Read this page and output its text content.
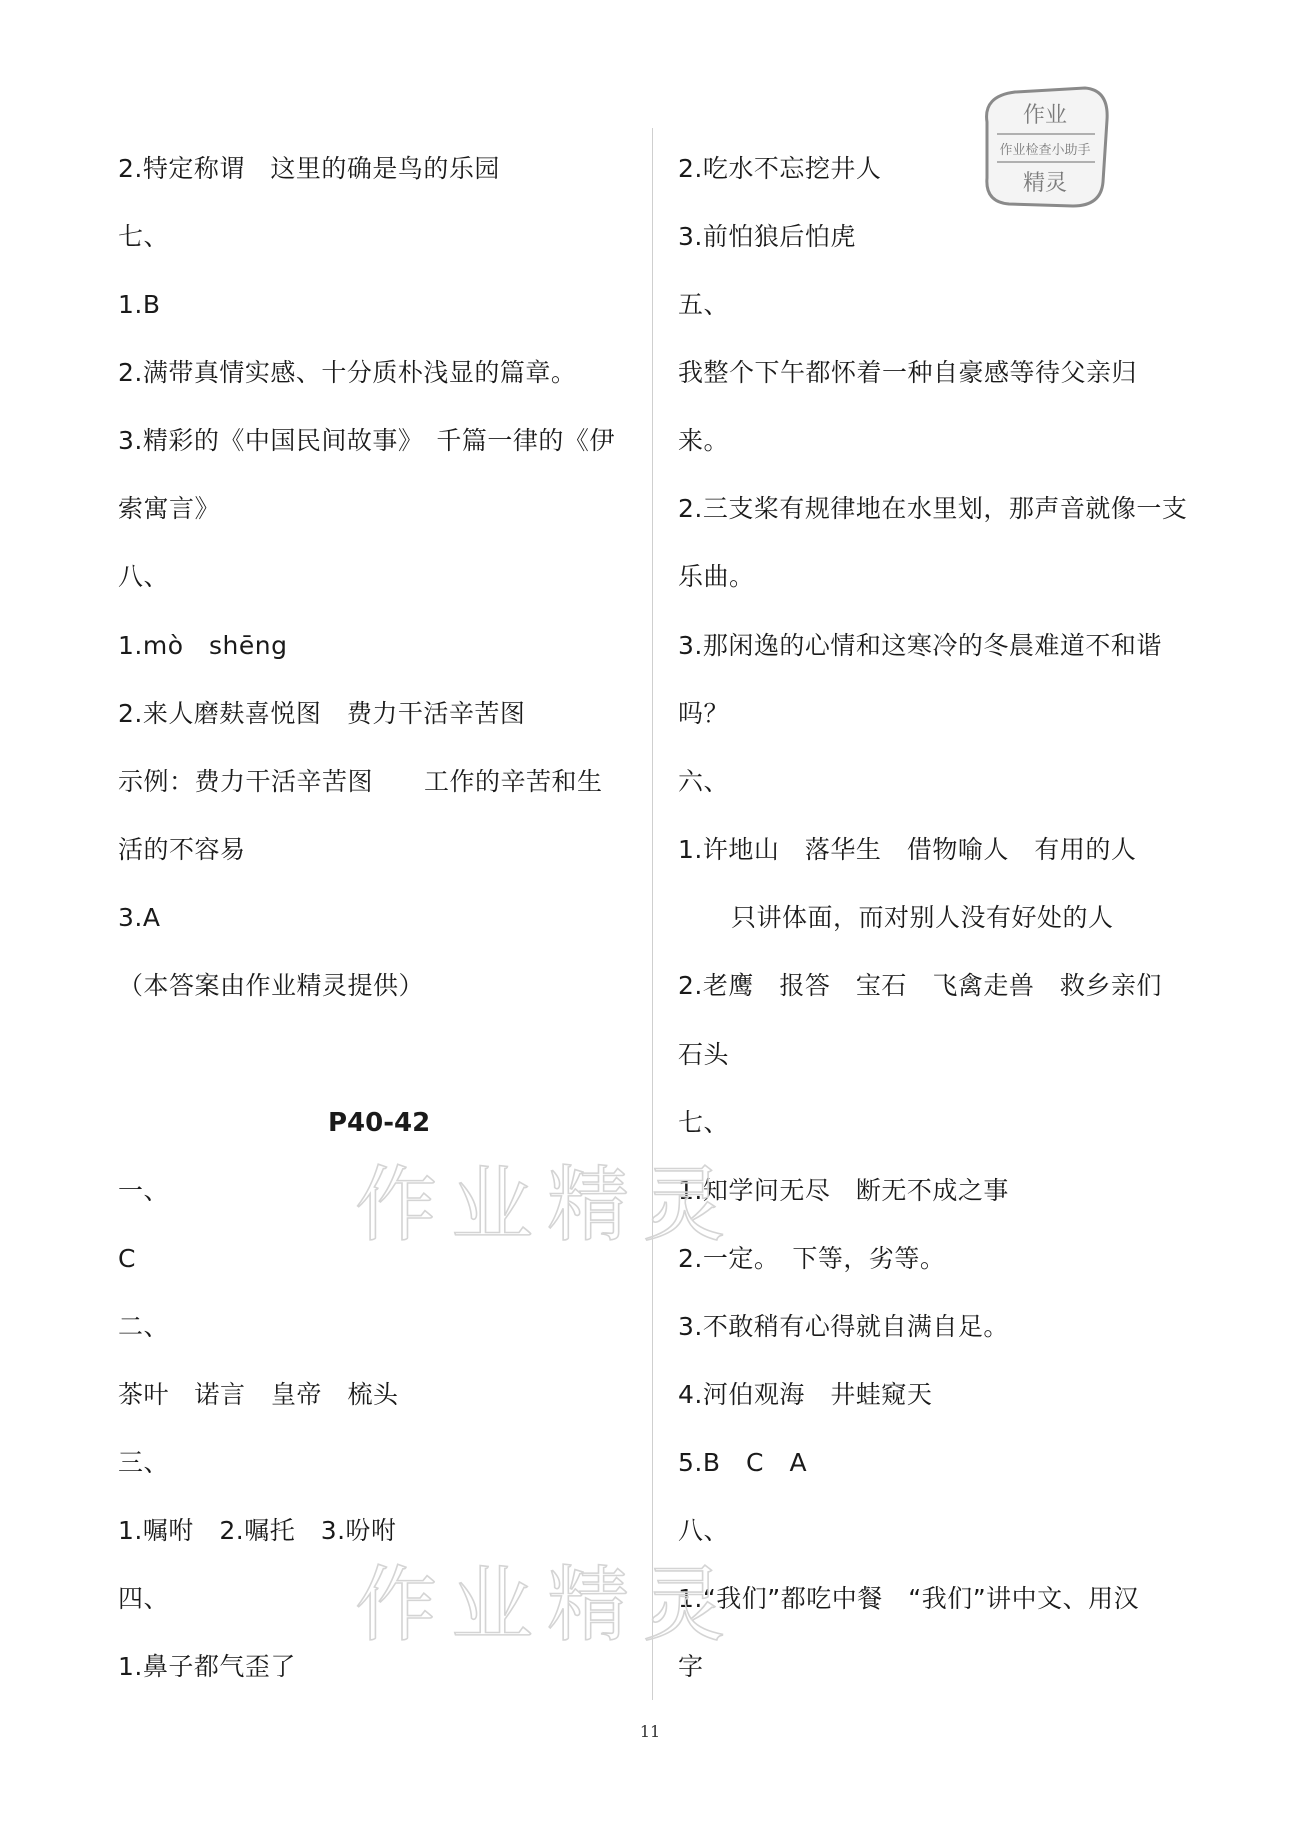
2.特定称谓　这里的确是鸟的乐园
七、
1.B
2.满带真情实感、十分质朴浅显的篇章。
3.精彩的《中国民间故事》　千篇一律的《伊
索寓言》
八、
1.mò　shēng
2.来人磨麸喜悦图　费力干活辛苦图
示例：费力干活辛苦图　　工作的辛苦和生
活的不容易
3.A
（本答案由作业精灵提供）
P40-42
一、
C
二、
茶叶　诺言　皇帝　梳头
三、
1.嘱咐　2.嘱托　3.吩咐
四、
1.鼻子都气歪了
2.吃水不忘挖井人
3.前怕狼后怕虎
五、
我整个下午都怀着一种自豪感等待父亲归
来。
2.三支桨有规律地在水里划，那声音就像一支
乐曲。
3.那闲逸的心情和这寒冷的冬晨难道不和谐
吗？
六、
1.许地山　落华生　借物喻人　有用的人
只讲体面，而对别人没有好处的人
2.老鹰　报答　宝石　飞禽走兽　救乡亲们
石头
七、
1.知学问无尽　断无不成之事
2.一定。　下等，劣等。
3.不敢稍有心得就自满自足。
4.河伯观海　井蛙窥天
5.B　C　A
八、
1.“我们”都吃中餐　“我们”讲中文、用汉
字
作业精灵
作业精灵
作业
作业检查小助手
精灵
11
